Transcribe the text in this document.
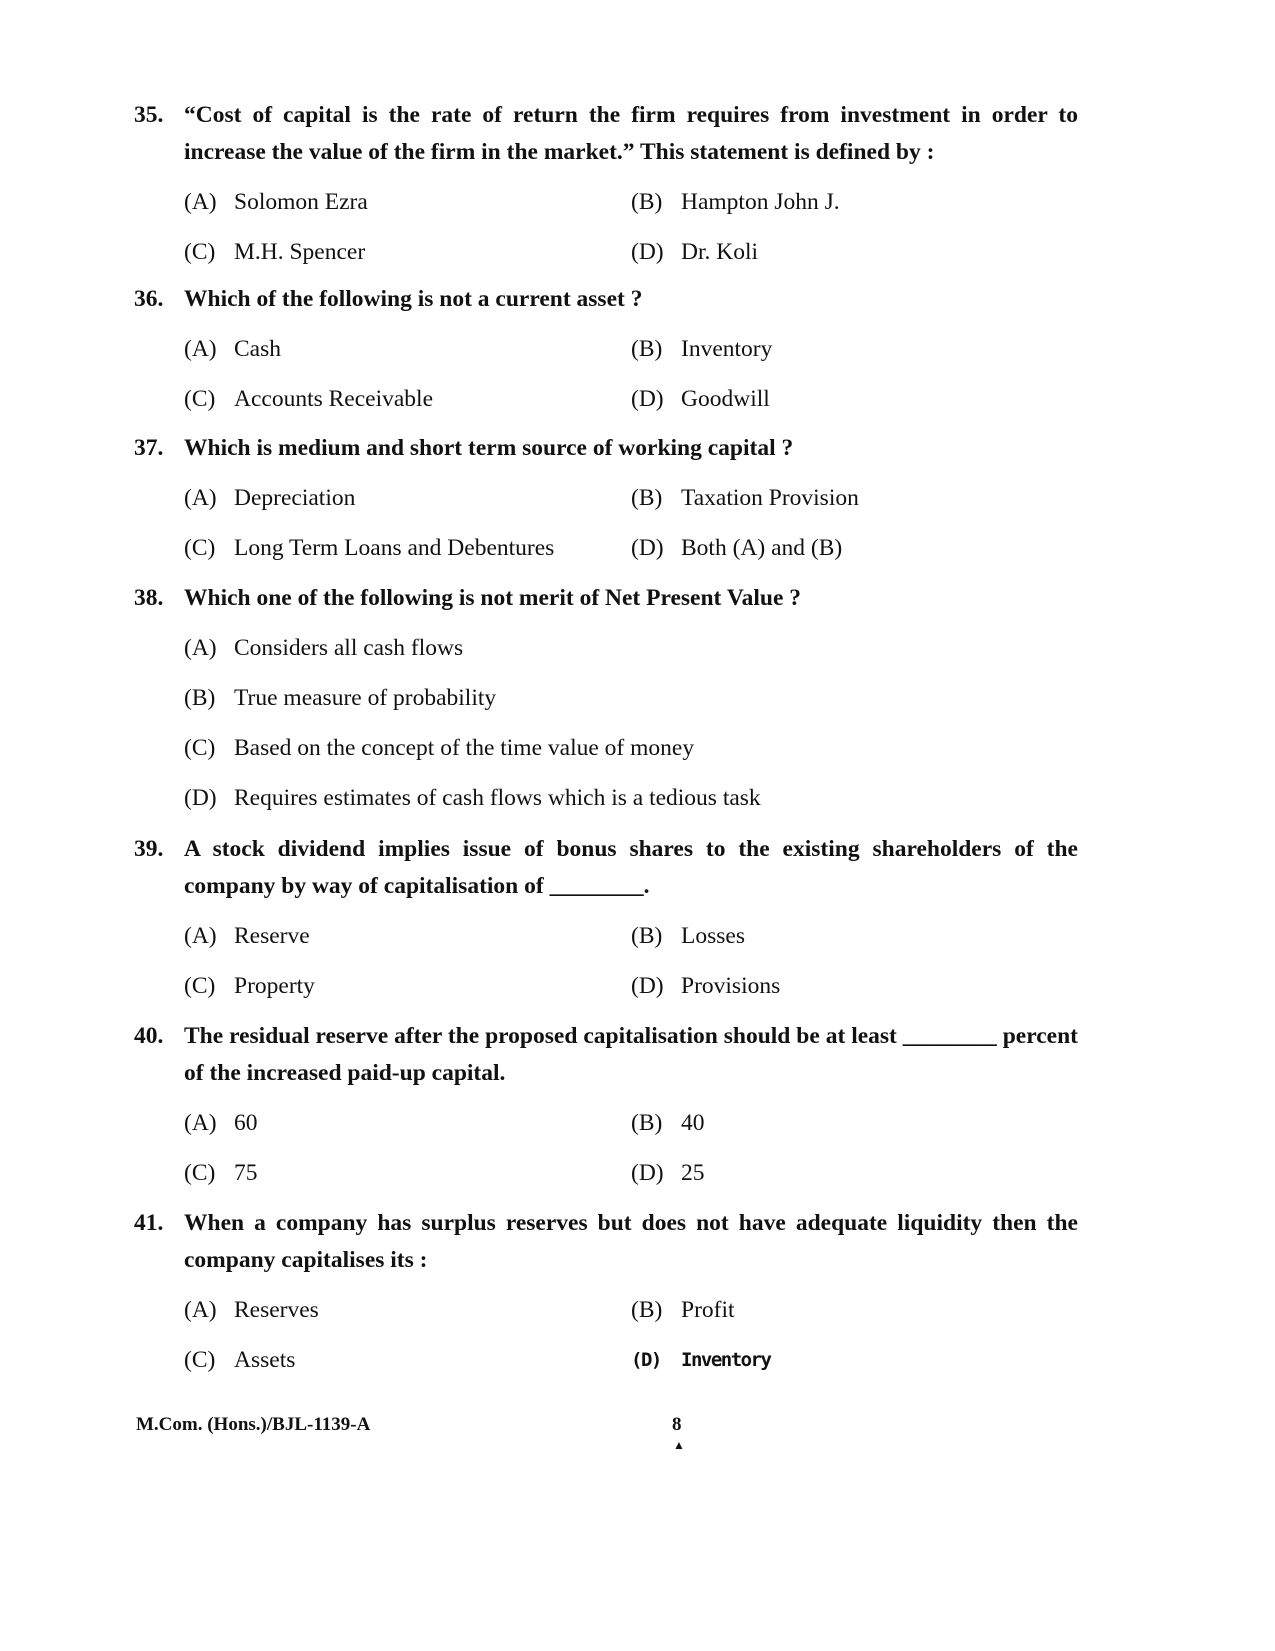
35. “Cost of capital is the rate of return the firm requires from investment in order to increase the value of the firm in the market.” This statement is defined by :
(A) Solomon Ezra	(B) Hampton John J.
(C) M.H. Spencer	(D) Dr. Koli
36. Which of the following is not a current asset ?
(A) Cash	(B) Inventory
(C) Accounts Receivable	(D) Goodwill
37. Which is medium and short term source of working capital ?
(A) Depreciation	(B) Taxation Provision
(C) Long Term Loans and Debentures	(D) Both (A) and (B)
38. Which one of the following is not merit of Net Present Value ?
(A) Considers all cash flows
(B) True measure of probability
(C) Based on the concept of the time value of money
(D) Requires estimates of cash flows which is a tedious task
39. A stock dividend implies issue of bonus shares to the existing shareholders of the company by way of capitalisation of ________.
(A) Reserve	(B) Losses
(C) Property	(D) Provisions
40. The residual reserve after the proposed capitalisation should be at least ________ percent of the increased paid-up capital.
(A) 60	(B) 40
(C) 75	(D) 25
41. When a company has surplus reserves but does not have adequate liquidity then the company capitalises its :
(A) Reserves	(B) Profit
(C) Assets	(D)	Inventory
M.Com. (Hons.)/BJL-1139-A	8
▲
